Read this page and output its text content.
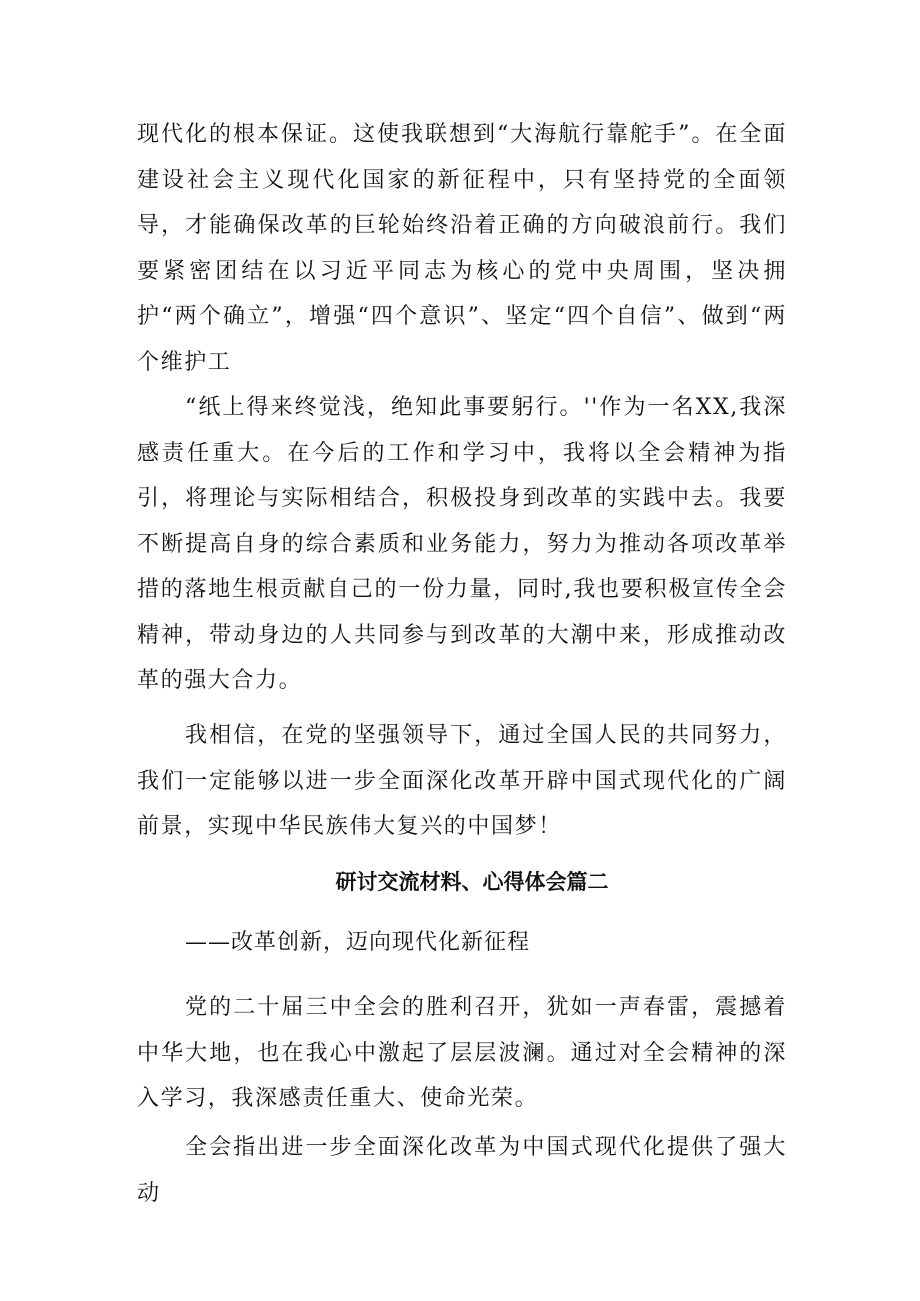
现代化的根本保证。这使我联想到“大海航行靠舵手”。在全面建设社会主义现代化国家的新征程中，只有坚持党的全面领导，才能确保改革的巨轮始终沿着正确的方向破浪前行。我们要紧密团结在以习近平同志为核心的党中央周围，坚决拥护“两个确立”，增强“四个意识”、坚定“四个自信”、做到“两个维护工

“纸上得来终觉浅，绝知此事要躬行。''作为一名XX,我深感责任重大。在今后的工作和学习中，我将以全会精神为指引，将理论与实际相结合，积极投身到改革的实践中去。我要不断提高自身的综合素质和业务能力，努力为推动各项改革举措的落地生根贡献自己的一份力量，同时,我也要积极宣传全会精神，带动身边的人共同参与到改革的大潮中来，形成推动改革的强大合力。

我相信，在党的坚强领导下，通过全国人民的共同努力，我们一定能够以进一步全面深化改革开辟中国式现代化的广阔前景，实现中华民族伟大复兴的中国梦！

研讨交流材料、心得体会篇二

——改革创新，迈向现代化新征程

党的二十届三中全会的胜利召开，犹如一声春雷，震撼着中华大地，也在我心中激起了层层波澜。通过对全会精神的深入学习，我深感责任重大、使命光荣。

全会指出进一步全面深化改革为中国式现代化提供了强大动
